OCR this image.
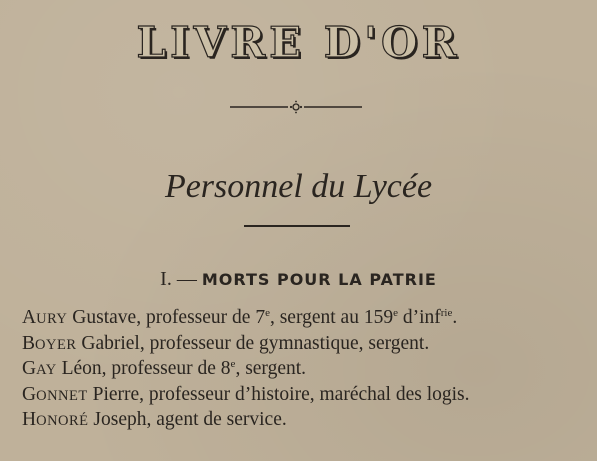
LIVRE D'OR
Personnel du Lycée
I. — MORTS POUR LA PATRIE
AURY Gustave, professeur de 7e, sergent au 159e d’inf$^{rie}$.
BOYER Gabriel, professeur de gymnastique, sergent.
GAY Léon, professeur de 8e, sergent.
GONNET Pierre, professeur d’histoire, maréchal des logis.
HONORÉ Joseph, agent de service.
